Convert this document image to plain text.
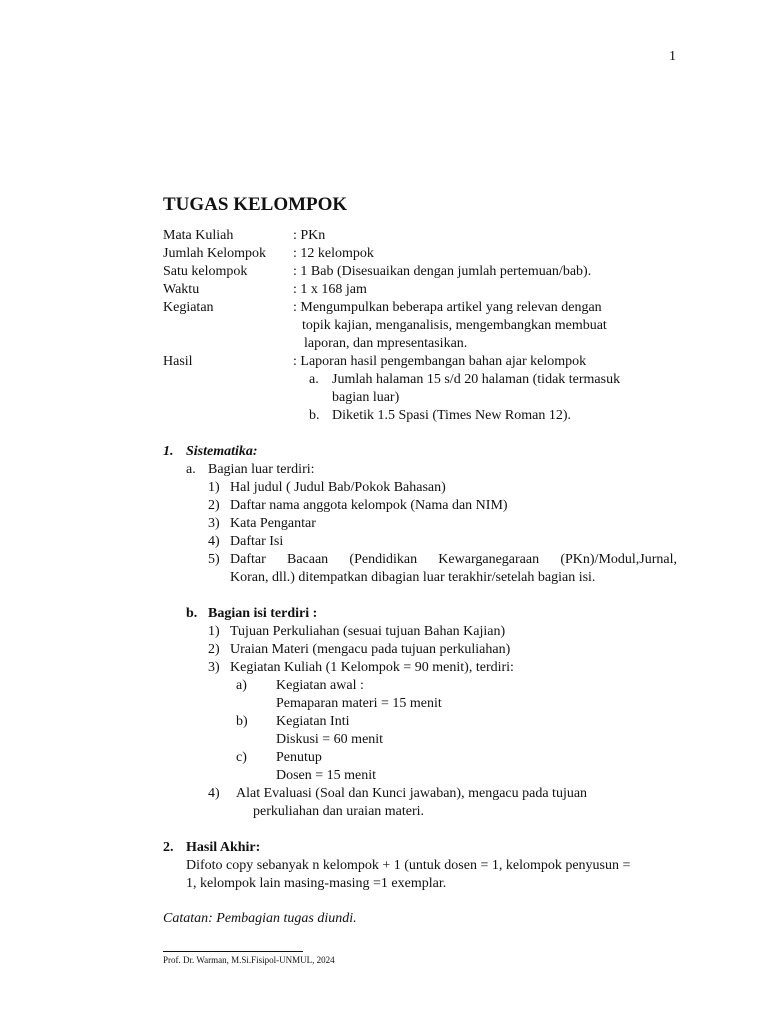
1
TUGAS KELOMPOK
Mata Kuliah	: PKn
Jumlah Kelompok : 12 kelompok
Satu kelompok	: 1 Bab (Disesuaikan dengan jumlah pertemuan/bab).
Waktu	: 1 x 168 jam
Kegiatan	: Mengumpulkan beberapa artikel yang relevan dengan
topik kajian, menganalisis, mengembangkan membuat
laporan, dan mpresentasikan.
Hasil	: Laporan hasil pengembangan bahan ajar kelompok
a. Jumlah halaman 15 s/d 20 halaman (tidak termasuk
bagian luar)
b. Diketik 1.5 Spasi (Times New Roman 12).
1. Sistematika:
a. Bagian luar terdiri:
1) Hal judul ( Judul Bab/Pokok Bahasan)
2) Daftar nama anggota kelompok (Nama dan NIM)
3) Kata Pengantar
4) Daftar Isi
5) Daftar Bacaan (Pendidikan Kewarganegaraan (PKn)/Modul,Jurnal,
Koran, dll.) ditempatkan dibagian luar terakhir/setelah bagian isi.
b. Bagian isi terdiri :
1) Tujuan Perkuliahan (sesuai tujuan Bahan Kajian)
2) Uraian Materi (mengacu pada tujuan perkuliahan)
3) Kegiatan Kuliah (1 Kelompok = 90 menit), terdiri:
a) Kegiatan awal :
Pemaparan materi = 15 menit
b) Kegiatan Inti
Diskusi = 60 menit
c) Penutup
Dosen = 15 menit
4) Alat Evaluasi (Soal dan Kunci jawaban), mengacu pada tujuan
perkuliahan dan uraian materi.
2. Hasil Akhir:
Difoto copy sebanyak n kelompok + 1 (untuk dosen = 1, kelompok penyusun =
1, kelompok lain masing-masing =1 exemplar.
Catatan: Pembagian tugas diundi.
Prof. Dr. Warman, M.Si.Fisipol-UNMUL, 2024
